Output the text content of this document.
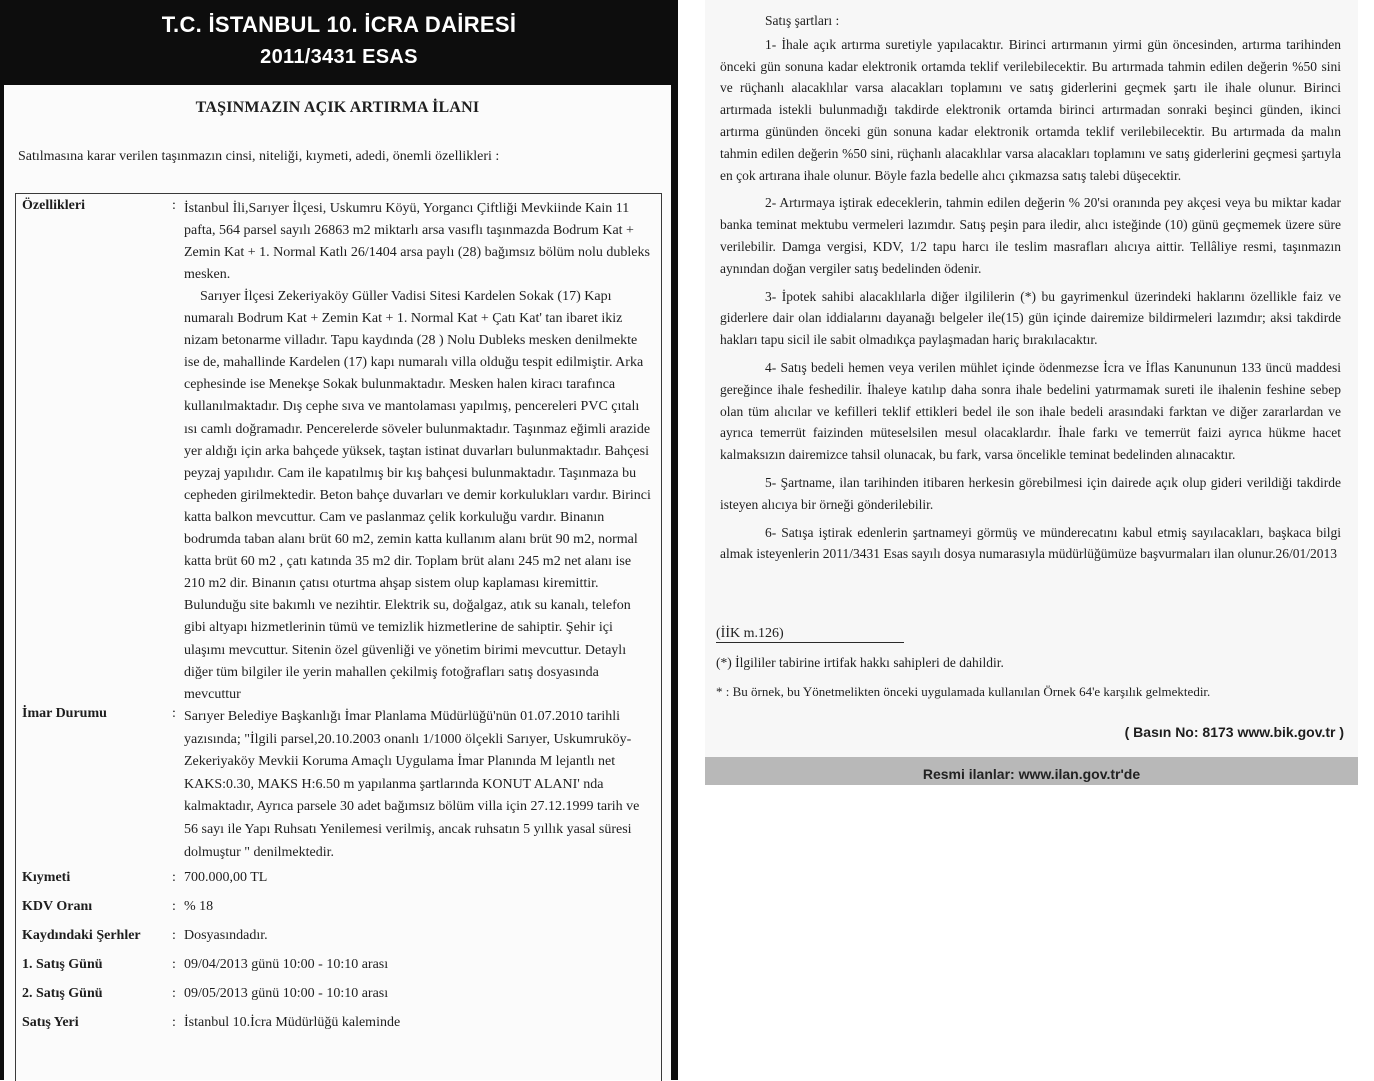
T.C. İSTANBUL 10. İCRA DAİRESİ
2011/3431 ESAS
TAŞINMAZIN AÇIK ARTIRMA İLANI
Satılmasına karar verilen taşınmazın cinsi, niteliği, kıymeti, adedi, önemli özellikleri :
Özellikleri	: İstanbul İli,Sarıyer İlçesi, Uskumru Köyü, Yorgancı Çiftliği Mevkiinde Kain 11 pafta, 564 parsel sayılı 26863 m2 miktarlı arsa vasıflı taşınmazda Bodrum Kat + Zemin Kat + 1. Normal Katlı 26/1404 arsa paylı (28) bağımsız bölüm nolu dubleks mesken.
Sarıyer İlçesi Zekeriyaköy Güller Vadisi Sitesi Kardelen Sokak (17) Kapı numaralı Bodrum Kat + Zemin Kat + 1. Normal Kat + Çatı Kat' tan ibaret ikiz nizam betonarme villadır. Tapu kaydında (28 ) Nolu Dubleks mesken denilmekte ise de, mahallinde Kardelen (17) kapı numaralı villa olduğu tespit edilmiştir. Arka cephesinde ise Menekşe Sokak bulunmaktadır. Mesken halen kiracı tarafınca kullanılmaktadır. Dış cephe sıva ve mantolaması yapılmış, pencereleri PVC çıtalı ısı camlı doğramadır. Pencerelerde söveler bulunmaktadır. Taşınmaz eğimli arazide yer aldığı için arka bahçede yüksek, taştan istinat duvarları bulunmaktadır. Bahçesi peyzaj yapılıdır. Cam ile kapatılmış bir kış bahçesi bulunmaktadır. Taşınmaza bu cepheden girilmektedir. Beton bahçe duvarları ve demir korkulukları vardır. Birinci katta balkon mevcuttur. Cam ve paslanmaz çelik korkuluğu vardır. Binanın bodrumda taban alanı brüt 60 m2, zemin katta kullanım alanı brüt 90 m2, normal katta brüt 60 m2 , çatı katında 35 m2 dir. Toplam brüt alanı 245 m2 net alanı ise 210 m2 dir. Binanın çatısı oturtma ahşap sistem olup kaplaması kiremittir. Bulunduğu site bakımlı ve nezihtir. Elektrik su, doğalgaz, atık su kanalı, telefon gibi altyapı hizmetlerinin tümü ve temizlik hizmetlerine de sahiptir. Şehir içi ulaşımı mevcuttur. Sitenin özel güvenliği ve yönetim birimi mevcuttur. Detaylı diğer tüm bilgiler ile yerin mahallen çekilmiş fotoğrafları satış dosyasında mevcuttur
İmar Durumu	: Sarıyer Belediye Başkanlığı İmar Planlama Müdürlüğü'nün 01.07.2010 tarihli yazısında; "İlgili parsel,20.10.2003 onanlı 1/1000 ölçekli Sarıyer, Uskumruköy-Zekeriyaköy Mevkii Koruma Amaçlı Uygulama İmar Planında M lejantlı net KAKS:0.30, MAKS H:6.50 m yapılanma şartlarında KONUT ALANI' nda kalmaktadır, Ayrıca parsele 30 adet bağımsız bölüm villa için 27.12.1999 tarih ve 56 sayı ile Yapı Ruhsatı Yenilemesi verilmiş, ancak ruhsatın 5 yıllık yasal süresi dolmuştur " denilmektedir.
Kıymeti	: 700.000,00 TL
KDV Oranı	: % 18
Kaydındaki Şerhler : Dosyasındadır.
1. Satış Günü	: 09/04/2013 günü 10:00 - 10:10 arası
2. Satış Günü	: 09/05/2013 günü 10:00 - 10:10 arası
Satış Yeri	: İstanbul 10.İcra Müdürlüğü kaleminde

Satış şartları :

1- İhale açık artırma suretiyle yapılacaktır. Birinci artırmanın yirmi gün öncesinden, artırma tarihinden önceki gün sonuna kadar elektronik ortamda teklif verilebilecektir. Bu artırmada tahmin edilen değerin %50 sini ve rüçhanlı alacaklılar varsa alacakları toplamını ve satış giderlerini geçmek şartı ile ihale olunur. Birinci artırmada istekli bulunmadığı takdirde elektronik ortamda birinci artırmadan sonraki beşinci günden, ikinci artırma gününden önceki gün sonuna kadar elektronik ortamda teklif verilebilecektir. Bu artırmada da malın tahmin edilen değerin %50 sini, rüçhanlı alacaklılar varsa alacakları toplamını ve satış giderlerini geçmesi şartıyla en çok artırana ihale olunur. Böyle fazla bedelle alıcı çıkmazsa satış talebi düşecektir.

2- Artırmaya iştirak edeceklerin, tahmin edilen değerin % 20'si oranında pey akçesi veya bu miktar kadar banka teminat mektubu vermeleri lazımdır. Satış peşin para iledir, alıcı isteğinde (10) günü geçmemek üzere süre verilebilir. Damga vergisi, KDV, 1/2 tapu harcı ile teslim masrafları alıcıya aittir. Tellâliye resmi, taşınmazın aynından doğan vergiler satış bedelinden ödenir.

3- İpotek sahibi alacaklılarla diğer ilgililerin (*) bu gayrimenkul üzerindeki haklarını özellikle faiz ve giderlere dair olan iddialarını dayanağı belgeler ile(15) gün içinde dairemize bildirmeleri lazımdır; aksi takdirde hakları tapu sicil ile sabit olmadıkça paylaşmadan hariç bırakılacaktır.

4- Satış bedeli hemen veya verilen mühlet içinde ödenmezse İcra ve İflas Kanununun 133 üncü maddesi gereğince ihale feshedilir. İhaleye katılıp daha sonra ihale bedelini yatırmamak sureti ile ihalenin feshine sebep olan tüm alıcılar ve kefilleri teklif ettikleri bedel ile son ihale bedeli arasındaki farktan ve diğer zararlardan ve ayrıca temerrüt faizinden müteselsilen mesul olacaklardır. İhale farkı ve temerrüt faizi ayrıca hükme hacet kalmaksızın dairemizce tahsil olunacak, bu fark, varsa öncelikle teminat bedelinden alınacaktır.

5- Şartname, ilan tarihinden itibaren herkesin görebilmesi için dairede açık olup gideri verildiği takdirde isteyen alıcıya bir örneği gönderilebilir.

6- Satışa iştirak edenlerin şartnameyi görmüş ve münderecatını kabul etmiş sayılacakları, başkaca bilgi almak isteyenlerin 2011/3431 Esas sayılı dosya numarasıyla müdürlüğümüze başvurmaları ilan olunur.26/01/2013

(İİK m.126)
(*) İlgililer tabirine irtifak hakkı sahipleri de dahildir.
* : Bu örnek, bu Yönetmelikten önceki uygulamada kullanılan Örnek 64'e karşılık gelmektedir.
( Basın No: 8173 www.bik.gov.tr )
Resmi ilanlar: www.ilan.gov.tr'de
